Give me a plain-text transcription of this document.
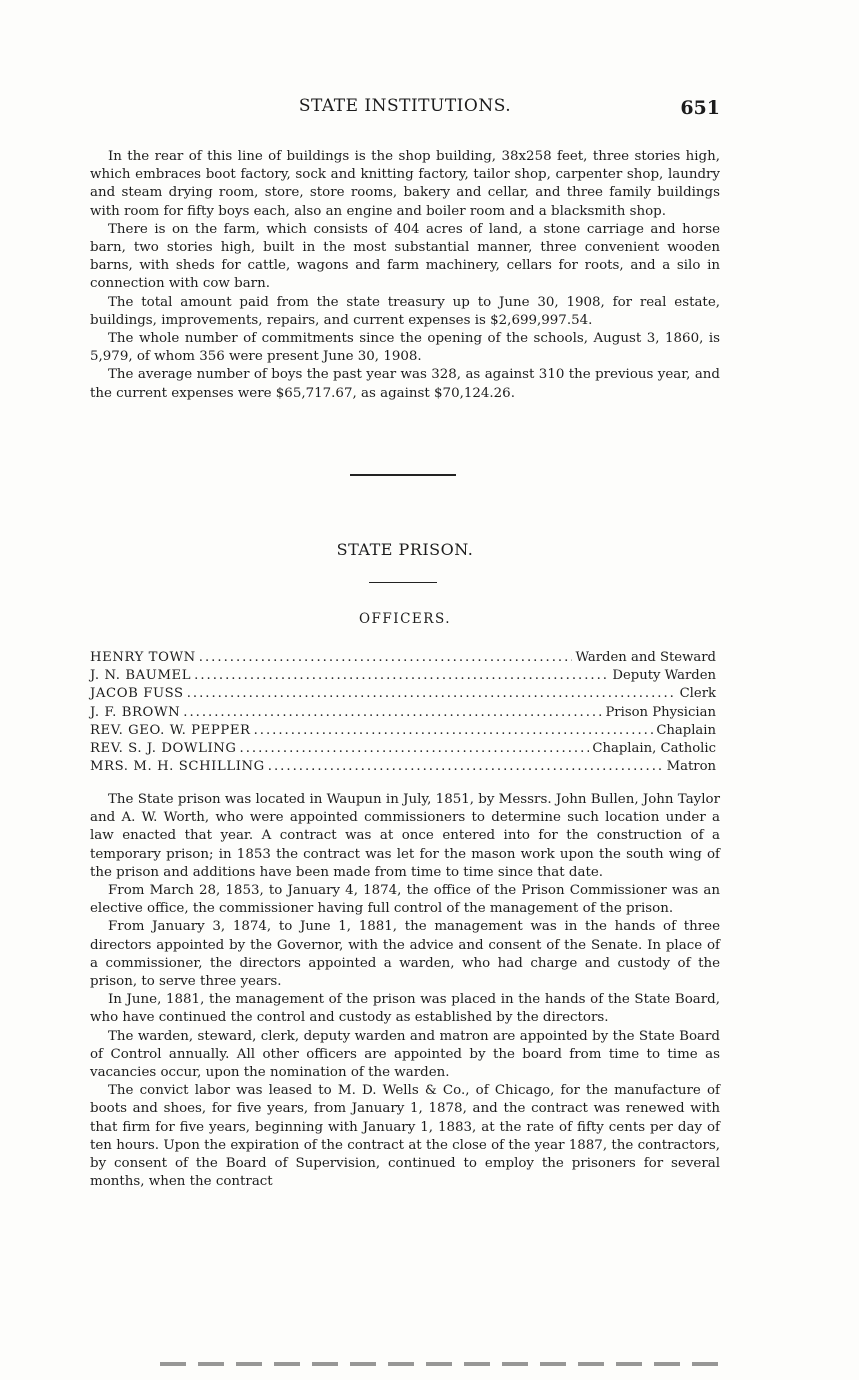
STATE INSTITUTIONS.	651

In the rear of this line of buildings is the shop building, 38x258 feet, three stories high, which embraces boot factory, sock and knitting factory, tailor shop, carpenter shop, laundry and steam drying room, store, store rooms, bakery and cellar, and three family buildings with room for fifty boys each, also an engine and boiler room and a blacksmith shop.

There is on the farm, which consists of 404 acres of land, a stone carriage and horse barn, two stories high, built in the most substantial manner, three convenient wooden barns, with sheds for cattle, wagons and farm machinery, cellars for roots, and a silo in connection with cow barn.

The total amount paid from the state treasury up to June 30, 1908, for real estate, buildings, improvements, repairs, and current expenses is $2,699,997.54.

The whole number of commitments since the opening of the schools, August 3, 1860, is 5,979, of whom 356 were present June 30, 1908.

The average number of boys the past year was 328, as against 310 the previous year, and the current expenses were $65,717.67, as against $70,124.26.

STATE PRISON.
OFFICERS.
HENRY TOWN .....	Warden and Steward
J. N. BAUMEL .....	Deputy Warden
JACOB FUSS .....	Clerk
J. F. BROWN .....	Prison Physician
REV. GEO. W. PEPPER .....	Chaplain
REV. S. J. DOWLING .....	Chaplain, Catholic
MRS. M. H. SCHILLING .....	Matron

The State prison was located in Waupun in July, 1851, by Messrs. John Bullen, John Taylor and A. W. Worth, who were appointed commissioners to determine such location under a law enacted that year. A contract was at once entered into for the construction of a temporary prison; in 1853 the contract was let for the mason work upon the south wing of the prison and additions have been made from time to time since that date.

From March 28, 1853, to January 4, 1874, the office of the Prison Commissioner was an elective office, the commissioner having full control of the management of the prison.

From January 3, 1874, to June 1, 1881, the management was in the hands of three directors appointed by the Governor, with the advice and consent of the Senate. In place of a commissioner, the directors appointed a warden, who had charge and custody of the prison, to serve three years.

In June, 1881, the management of the prison was placed in the hands of the State Board, who have continued the control and custody as established by the directors.

The warden, steward, clerk, deputy warden and matron are appointed by the State Board of Control annually. All other officers are appointed by the board from time to time as vacancies occur, upon the nomination of the warden.

The convict labor was leased to M. D. Wells & Co., of Chicago, for the manufacture of boots and shoes, for five years, from January 1, 1878, and the contract was renewed with that firm for five years, beginning with January 1, 1883, at the rate of fifty cents per day of ten hours. Upon the expiration of the contract at the close of the year 1887, the contractors, by consent of the Board of Supervision, continued to employ the prisoners for several months, when the contract
